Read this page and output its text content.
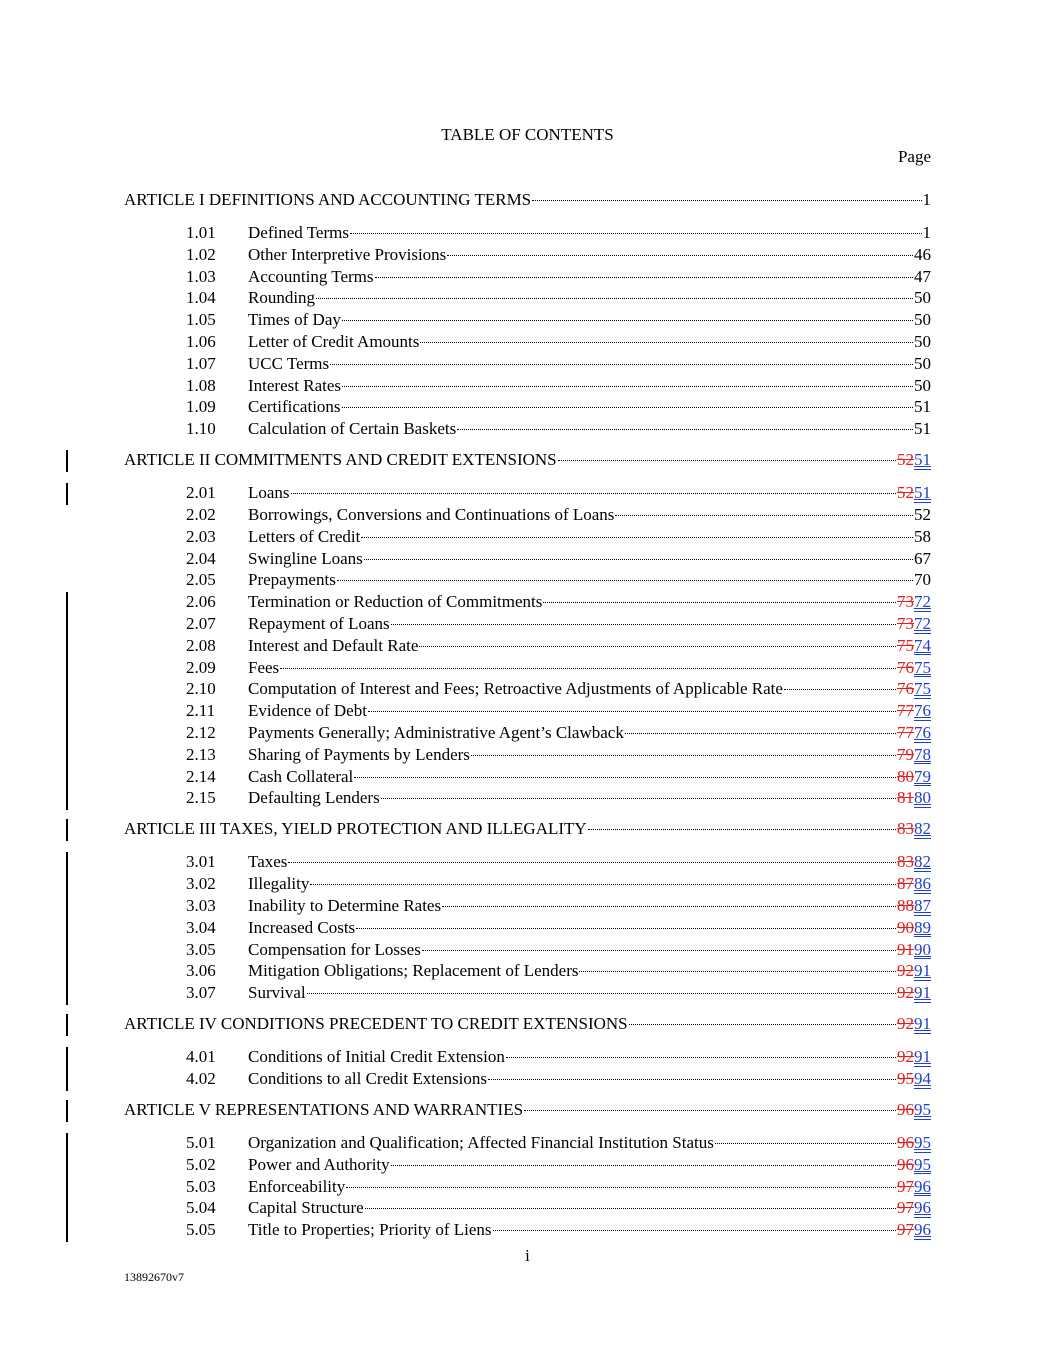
TABLE OF CONTENTS
Page
ARTICLE I DEFINITIONS AND ACCOUNTING TERMS	1
1.01 Defined Terms	1
1.02 Other Interpretive Provisions	46
1.03 Accounting Terms	47
1.04 Rounding	50
1.05 Times of Day	50
1.06 Letter of Credit Amounts	50
1.07 UCC Terms	50
1.08 Interest Rates	50
1.09 Certifications	51
1.10 Calculation of Certain Baskets	51
ARTICLE II COMMITMENTS AND CREDIT EXTENSIONS	5251
2.01 Loans	5251
2.02 Borrowings, Conversions and Continuations of Loans	52
2.03 Letters of Credit	58
2.04 Swingline Loans	67
2.05 Prepayments	70
2.06 Termination or Reduction of Commitments	7372
2.07 Repayment of Loans	7372
2.08 Interest and Default Rate	7574
2.09 Fees	7675
2.10 Computation of Interest and Fees; Retroactive Adjustments of Applicable Rate	7675
2.11 Evidence of Debt	7776
2.12 Payments Generally; Administrative Agent’s Clawback	7776
2.13 Sharing of Payments by Lenders	7978
2.14 Cash Collateral	8079
2.15 Defaulting Lenders	8180
ARTICLE III TAXES, YIELD PROTECTION AND ILLEGALITY	8382
3.01 Taxes	8382
3.02 Illegality	8786
3.03 Inability to Determine Rates	8887
3.04 Increased Costs	9089
3.05 Compensation for Losses	9190
3.06 Mitigation Obligations; Replacement of Lenders	9291
3.07 Survival	9291
ARTICLE IV CONDITIONS PRECEDENT TO CREDIT EXTENSIONS	9291
4.01 Conditions of Initial Credit Extension	9291
4.02 Conditions to all Credit Extensions	9594
ARTICLE V REPRESENTATIONS AND WARRANTIES	9695
5.01 Organization and Qualification; Affected Financial Institution Status	9695
5.02 Power and Authority	9695
5.03 Enforceability	9796
5.04 Capital Structure	9796
5.05 Title to Properties; Priority of Liens	9796
i
13892670v7
